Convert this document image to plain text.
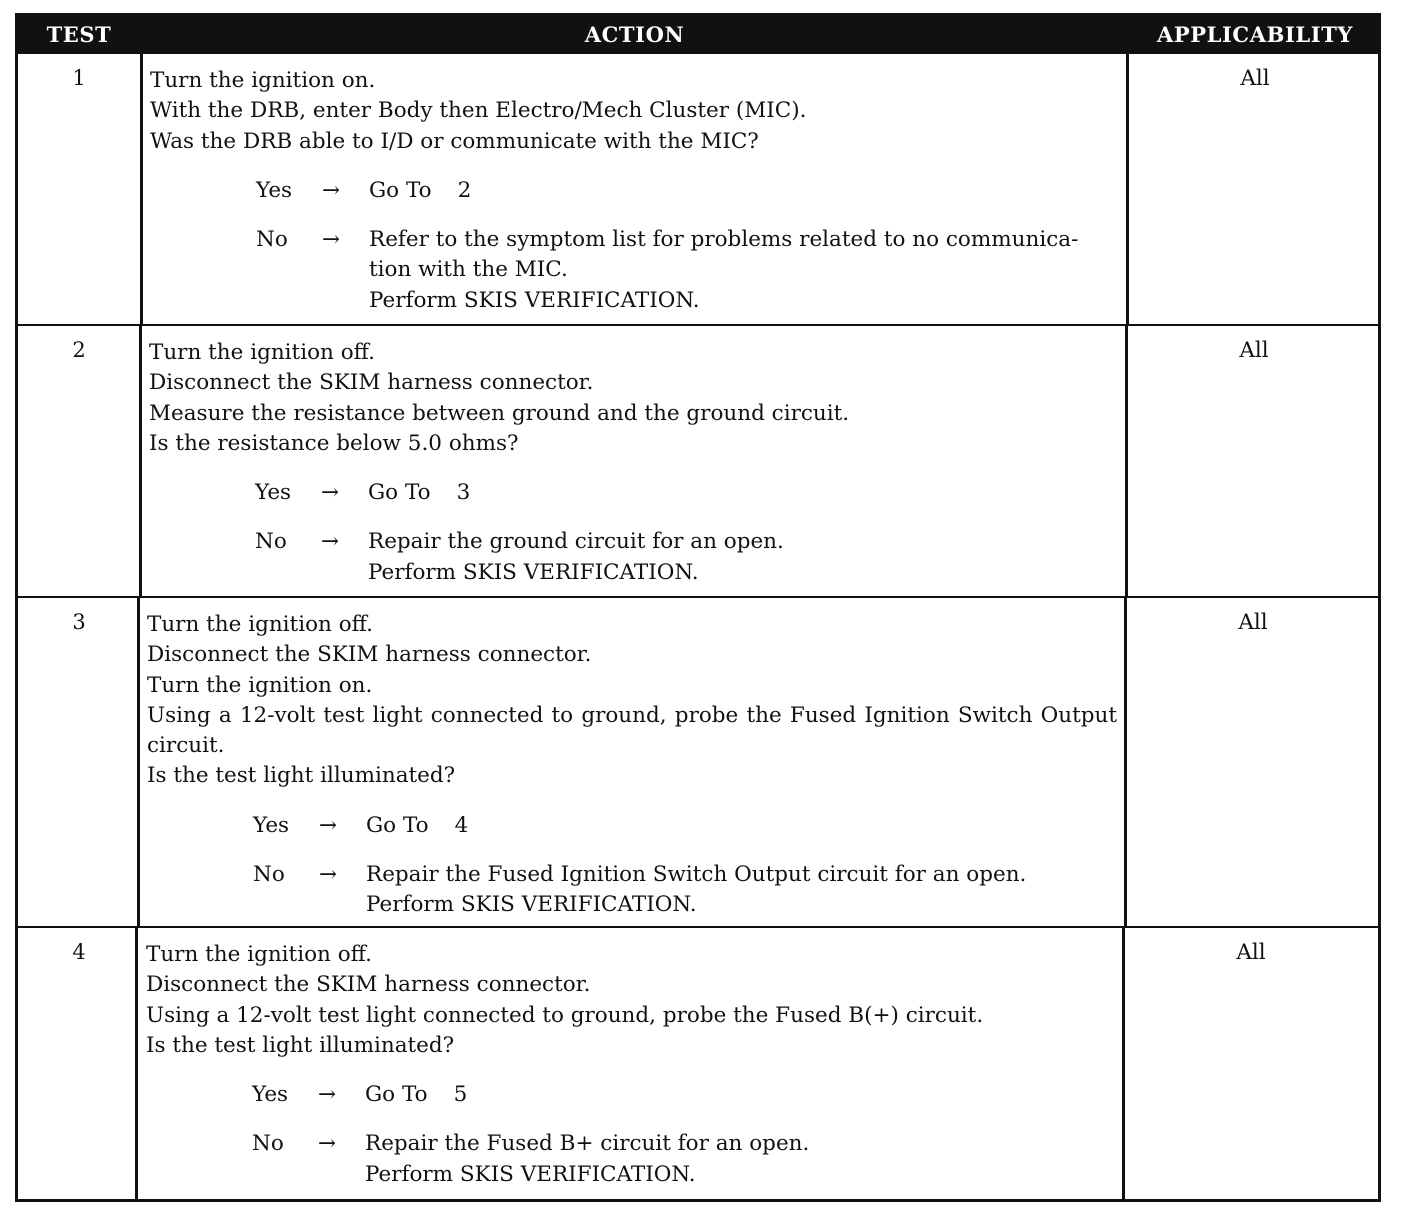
TEST	ACTION	APPLICABILITY
1	Turn the ignition on.
With the DRB, enter Body then Electro/Mech Cluster (MIC).
Was the DRB able to I/D or communicate with the MIC?
Yes → Go To 2
No → Refer to the symptom list for problems related to no communica-
tion with the MIC.
Perform SKIS VERIFICATION.
All
2	Turn the ignition off.
Disconnect the SKIM harness connector.
Measure the resistance between ground and the ground circuit.
Is the resistance below 5.0 ohms?
Yes → Go To 3
No → Repair the ground circuit for an open.
Perform SKIS VERIFICATION.
All
3	Turn the ignition off.
Disconnect the SKIM harness connector.
Turn the ignition on.
Using a 12-volt test light connected to ground, probe the Fused Ignition Switch Output circuit.
Is the test light illuminated?
Yes → Go To 4
No → Repair the Fused Ignition Switch Output circuit for an open.
Perform SKIS VERIFICATION.
All
4	Turn the ignition off.
Disconnect the SKIM harness connector.
Using a 12-volt test light connected to ground, probe the Fused B(+) circuit.
Is the test light illuminated?
Yes → Go To 5
No → Repair the Fused B+ circuit for an open.
Perform SKIS VERIFICATION.
All
